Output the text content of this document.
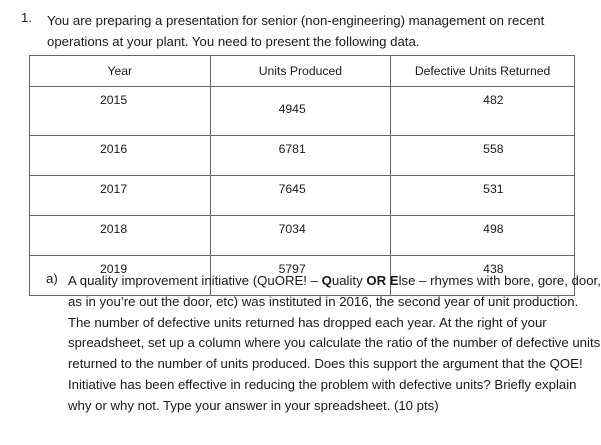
1. You are preparing a presentation for senior (non-engineering) management on recent
operations at your plant. You need to present the following data.
Year	Units Produced	Defective Units Returned
2015	4945	482
2016	6781	558
2017	7645	531
2018	7034	498
2019	5797	438
a) A quality improvement initiative (QuORE! – Quality OR Else – rhymes with bore, gore, door,
as in you’re out the door, etc) was instituted in 2016, the second year of unit production.
The number of defective units returned has dropped each year. At the right of your
spreadsheet, set up a column where you calculate the ratio of the number of defective units
returned to the number of units produced. Does this support the argument that the QOE!
Initiative has been effective in reducing the problem with defective units? Briefly explain
why or why not. Type your answer in your spreadsheet. (10 pts)
